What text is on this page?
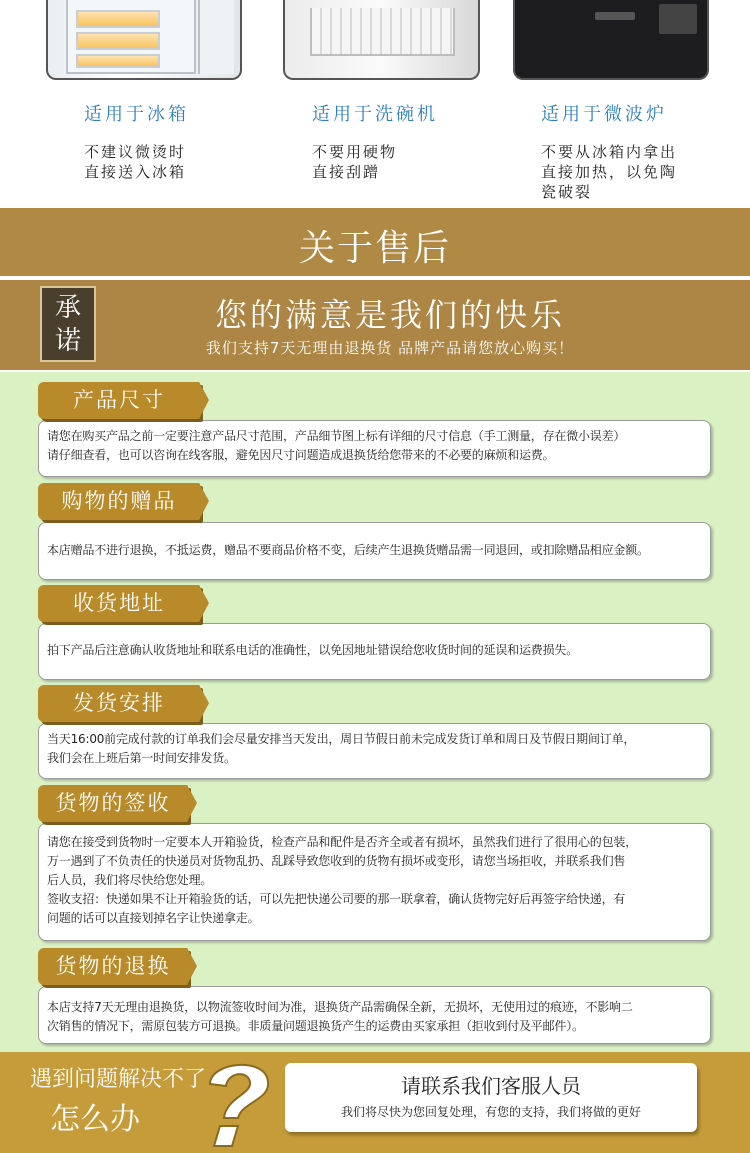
适用于冰箱
不建议微烫时
直接送入冰箱
适用于洗碗机
不要用硬物
直接刮蹭
适用于微波炉
不要从冰箱内拿出
直接加热，以免陶
瓷破裂
关于售后
承
诺
您的满意是我们的快乐
我们支持7天无理由退换货 品牌产品请您放心购买！
产品尺寸

请您在购买产品之前一定要注意产品尺寸范围，产品细节图上标有详细的尺寸信息（手工测量，存在微小误差）

请仔细查看，也可以咨询在线客服，避免因尺寸问题造成退换货给您带来的不必要的麻烦和运费。

购物的赠品

本店赠品不进行退换，不抵运费，赠品不要商品价格不变，后续产生退换货赠品需一同退回，或扣除赠品相应金额。

收货地址

拍下产品后注意确认收货地址和联系电话的准确性，以免因地址错误给您收货时间的延误和运费损失。

发货安排

当天16:00前完成付款的订单我们会尽量安排当天发出，周日节假日前未完成发货订单和周日及节假日期间订单，

我们会在上班后第一时间安排发货。

货物的签收

请您在接受到货物时一定要本人开箱验货，检查产品和配件是否齐全或者有损坏，虽然我们进行了很用心的包装，

万一遇到了不负责任的快递员对货物乱扔、乱踩导致您收到的货物有损坏或变形，请您当场拒收，并联系我们售

后人员，我们将尽快给您处理。

签收支招：快递如果不让开箱验货的话，可以先把快递公司要的那一联拿着，确认货物完好后再签字给快递，有

问题的话可以直接划掉名字让快递拿走。

货物的退换

本店支持7天无理由退换货，以物流签收时间为准，退换货产品需确保全新，无损坏，无使用过的痕迹，不影响二

次销售的情况下，需原包装方可退换。非质量问题退换货产生的运费由买家承担（拒收到付及平邮件）。

遇到问题解决不了
怎么办
请联系我们客服人员
我们将尽快为您回复处理，有您的支持，我们将做的更好
